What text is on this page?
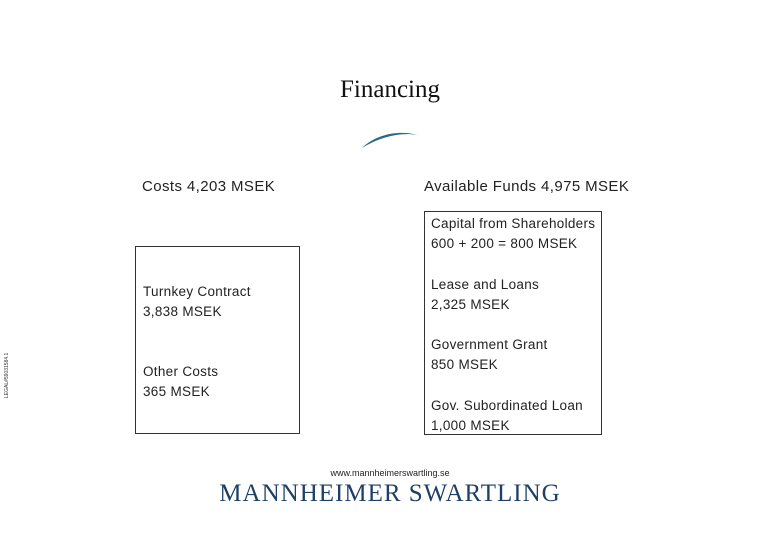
Financing
Costs 4,203 MSEK	Available Funds 4,975 MSEK
Turnkey Contract
3,838 MSEK
Other Costs
365 MSEK
Capital from Shareholders
600 + 200 = 800 MSEK
Lease and Loans
2,325 MSEK
Government Grant
850 MSEK
Gov. Subordinated Loan
1,000 MSEK
LEGAL#59031584.1
www.mannheimerswartling.se
MANNHEIMER SWARTLING
